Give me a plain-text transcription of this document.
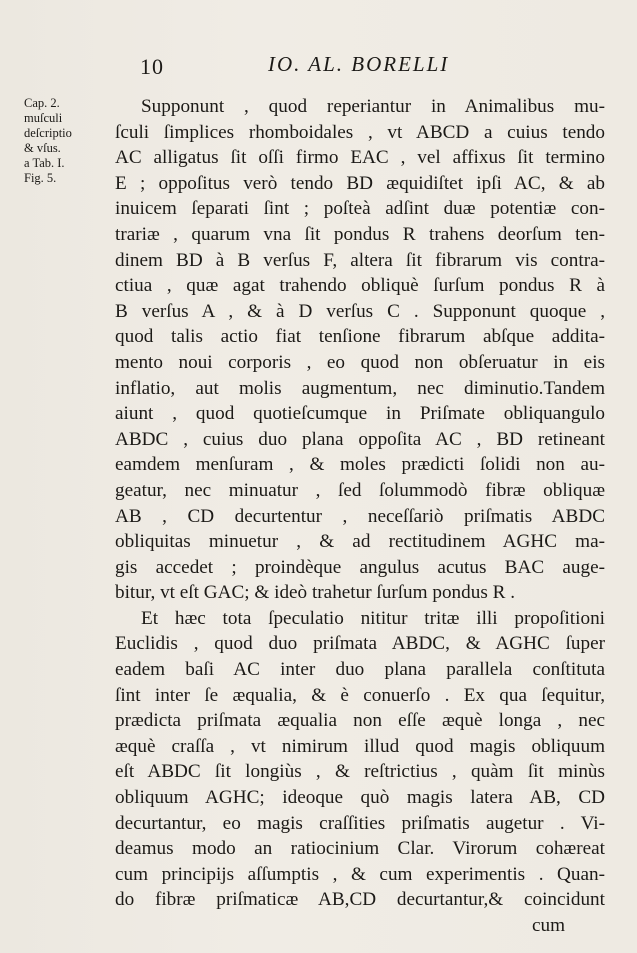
10	IO. AL. BORELLI
Cap. 2.
muſculi
deſcriptio
& vſus.
a Tab. I.
Fig. 5.
Supponunt , quod reperiantur in Animalibus mu-
ſculi ſimplices rhomboidales , vt ABCD a cuius tendo
AC alligatus ſit oſſi firmo EAC , vel affixus ſit termino
E ; oppoſitus verò tendo BD æquidiſtet ipſi AC, & ab
inuicem ſeparati ſint ; poſteà adſint duæ potentiæ con-
trariæ , quarum vna ſit pondus R trahens deorſum ten-
dinem BD à B verſus F, altera ſit fibrarum vis contra-
ctiua , quæ agat trahendo obliquè ſurſum pondus R à
B verſus A , & à D verſus C . Supponunt quoque ,
quod talis actio fiat tenſione fibrarum abſque addita-
mento noui corporis , eo quod non obſeruatur in eis
inflatio, aut molis augmentum, nec diminutio.Tandem
aiunt , quod quotieſcumque in Priſmate obliquangulo
ABDC , cuius duo plana oppoſita AC , BD retineant
eamdem menſuram , & moles prædicti ſolidi non au-
geatur, nec minuatur , ſed ſolummodò fibræ obliquæ
AB , CD decurtentur , neceſſariò priſmatis ABDC
obliquitas minuetur , & ad rectitudinem AGHC ma-
gis accedet ; proindèque angulus acutus BAC auge-
bitur, vt eſt GAC; & ideò trahetur ſurſum pondus R .
Et hæc tota ſpeculatio nititur tritæ illi propoſitioni
Euclidis , quod duo priſmata ABDC, & AGHC ſuper
eadem baſi AC inter duo plana parallela conſtituta
ſint inter ſe æqualia, & è conuerſo . Ex qua ſequitur,
prædicta priſmata æqualia non eſſe æquè longa , nec
æquè craſſa , vt nimirum illud quod magis obliquum
eſt ABDC ſit longiùs , & reſtrictius , quàm ſit minùs
obliquum AGHC; ideoque quò magis latera AB, CD
decurtantur, eo magis craſſities priſmatis augetur . Vi-
deamus modo an ratiocinium Clar. Virorum cohæreat
cum principijs aſſumptis , & cum experimentis . Quan-
do fibræ priſmaticæ AB,CD decurtantur,& coincidunt
cum
